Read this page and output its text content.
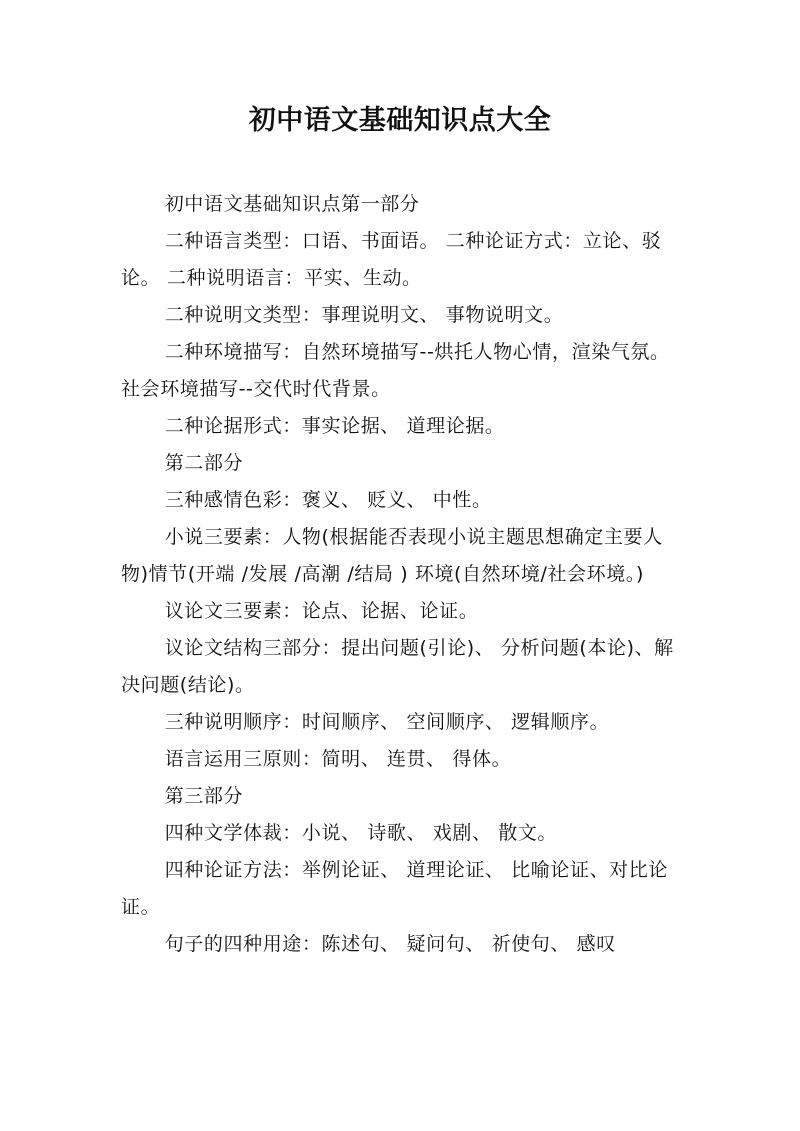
初中语文基础知识点大全

初中语文基础知识点第一部分

二种语言类型：口语、书面语。 二种论证方式：立论、驳论。 二种说明语言：平实、生动。

二种说明文类型：事理说明文、 事物说明文。

二种环境描写：自然环境描写--烘托人物心情，渲染气氛。 社会环境描写--交代时代背景。

二种论据形式：事实论据、 道理论据。

第二部分

三种感情色彩：褒义、 贬义、 中性。

小说三要素：人物(根据能否表现小说主题思想确定主要人物)情节(开端 /发展 /高潮 /结局 ) 环境(自然环境/社会环境。)

议论文三要素：论点、论据、论证。

议论文结构三部分：提出问题(引论)、 分析问题(本论)、解决问题(结论)。

三种说明顺序：时间顺序、 空间顺序、 逻辑顺序。

语言运用三原则：简明、 连贯、 得体。

第三部分

四种文学体裁：小说、 诗歌、 戏剧、 散文。

四种论证方法：举例论证、 道理论证、 比喻论证、对比论证。

句子的四种用途：陈述句、 疑问句、 祈使句、 感叹
